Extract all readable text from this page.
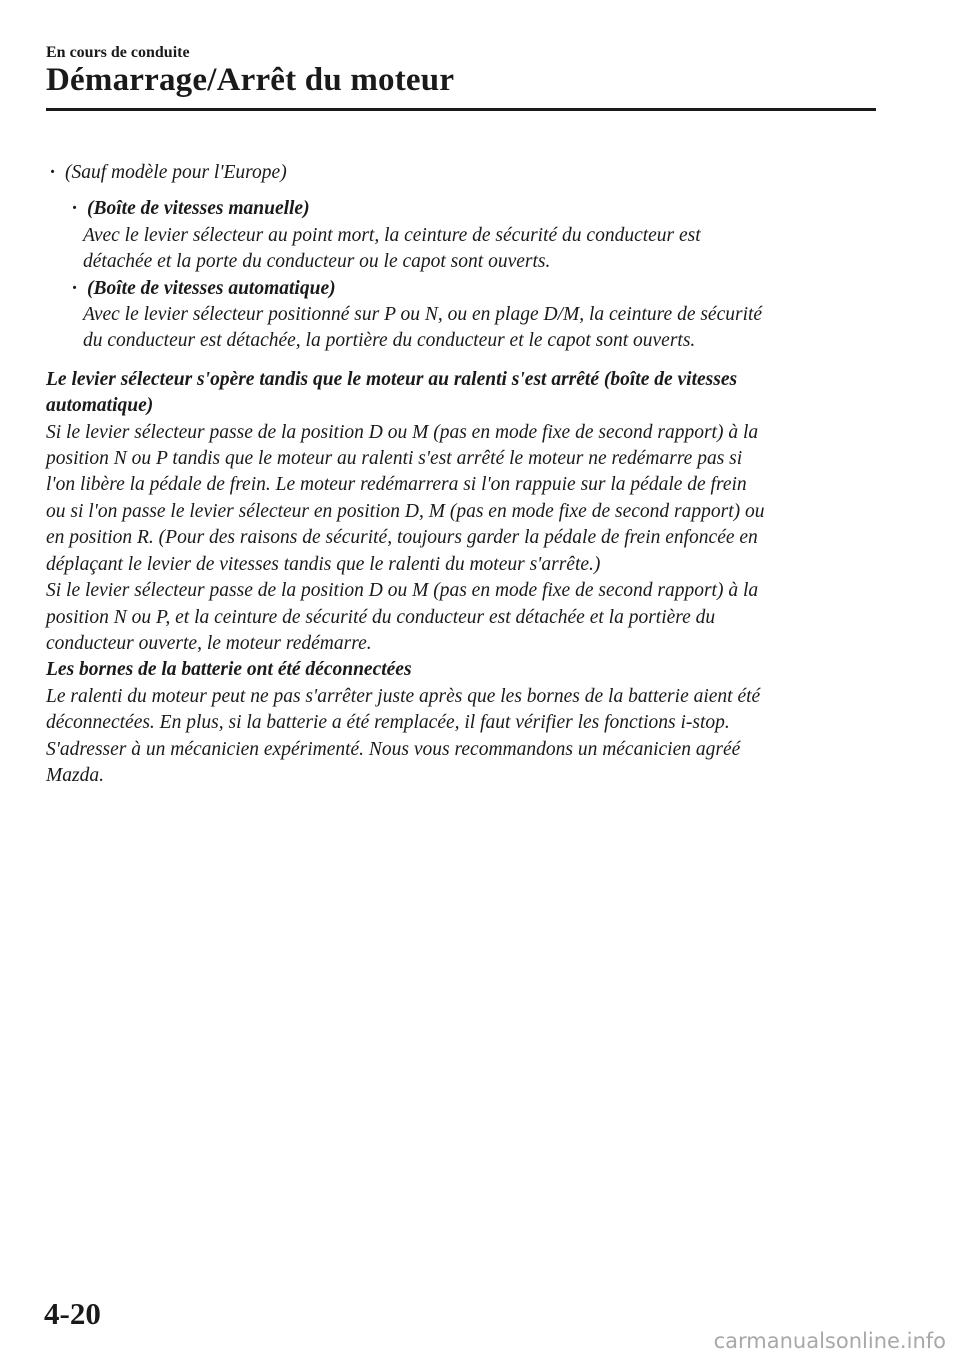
En cours de conduite
Démarrage/Arrêt du moteur
· (Sauf modèle pour l'Europe)
· (Boîte de vitesses manuelle)
Avec le levier sélecteur au point mort, la ceinture de sécurité du conducteur est
détachée et la porte du conducteur ou le capot sont ouverts.
· (Boîte de vitesses automatique)
Avec le levier sélecteur positionné sur P ou N, ou en plage D/M, la ceinture de sécurité
du conducteur est détachée, la portière du conducteur et le capot sont ouverts.
Le levier sélecteur s'opère tandis que le moteur au ralenti s'est arrêté (boîte de vitesses
automatique)
Si le levier sélecteur passe de la position D ou M (pas en mode fixe de second rapport) à la
position N ou P tandis que le moteur au ralenti s'est arrêté le moteur ne redémarre pas si
l'on libère la pédale de frein. Le moteur redémarrera si l'on rappuie sur la pédale de frein
ou si l'on passe le levier sélecteur en position D, M (pas en mode fixe de second rapport) ou
en position R. (Pour des raisons de sécurité, toujours garder la pédale de frein enfoncée en
déplaçant le levier de vitesses tandis que le ralenti du moteur s'arrête.)
Si le levier sélecteur passe de la position D ou M (pas en mode fixe de second rapport) à la
position N ou P, et la ceinture de sécurité du conducteur est détachée et la portière du
conducteur ouverte, le moteur redémarre.
Les bornes de la batterie ont été déconnectées
Le ralenti du moteur peut ne pas s'arrêter juste après que les bornes de la batterie aient été
déconnectées. En plus, si la batterie a été remplacée, il faut vérifier les fonctions i-stop.
S'adresser à un mécanicien expérimenté. Nous vous recommandons un mécanicien agréé
Mazda.
4-20
carmanualsonline.info
